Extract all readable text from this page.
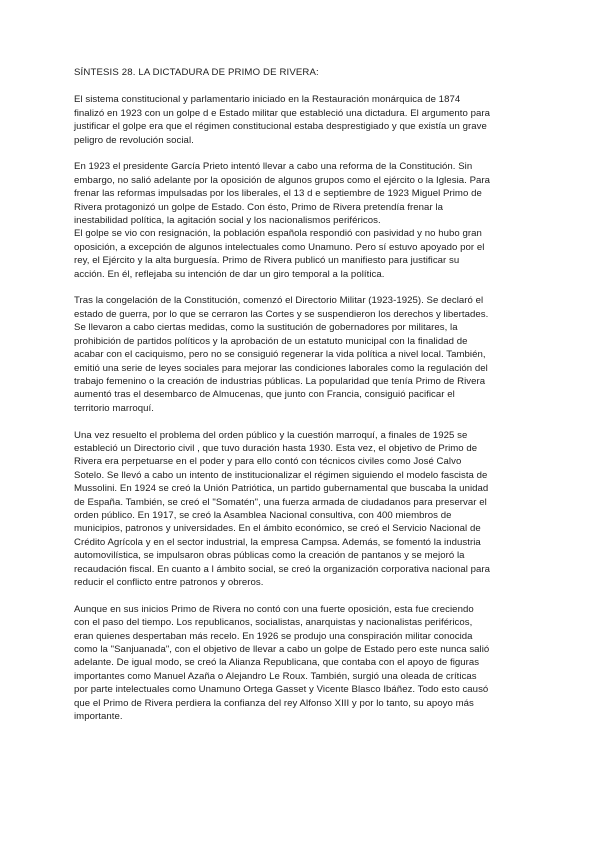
SÍNTESIS 28. LA DICTADURA DE PRIMO DE RIVERA:
El sistema constitucional y parlamentario iniciado en la Restauración monárquica de 1874
finalizó en 1923 con un golpe d e Estado militar que estableció una dictadura. El argumento para
justificar el golpe era que el régimen constitucional estaba desprestigiado y que existía un grave
peligro de revolución social.
En 1923 el presidente García Prieto intentó llevar a cabo una reforma de la Constitución. Sin
embargo, no salió adelante por la oposición de algunos grupos como el ejército o la Iglesia. Para
frenar las reformas impulsadas por los liberales, el 13 d e septiembre de 1923 Miguel Primo de
Rivera protagonizó un golpe de Estado. Con ésto, Primo de Rivera pretendía frenar la
inestabilidad política, la agitación social y los nacionalismos periféricos.
El golpe se vio con resignación, la población española respondió con pasividad y no hubo gran
oposición, a excepción de algunos intelectuales como Unamuno. Pero sí estuvo apoyado por el
rey, el Ejército y la alta burguesía. Primo de Rivera publicó un manifiesto para justificar su
acción. En él, reflejaba su intención de dar un giro temporal a la política.
Tras la congelación de la Constitución, comenzó el Directorio Militar (1923-1925). Se declaró el
estado de guerra, por lo que se cerraron las Cortes y se suspendieron los derechos y libertades.
Se llevaron a cabo ciertas medidas, como la sustitución de gobernadores por militares, la
prohibición de partidos políticos y la aprobación de un estatuto municipal con la finalidad de
acabar con el caciquismo, pero no se consiguió regenerar la vida política a nivel local. También,
emitió una serie de leyes sociales para mejorar las condiciones laborales como la regulación del
trabajo femenino o la creación de industrias públicas. La popularidad que tenía Primo de Rivera
aumentó tras el desembarco de Almucenas, que junto con Francia, consiguió pacificar el
territorio marroquí.
Una vez resuelto el problema del orden público y la cuestión marroquí, a finales de 1925 se
estableció un Directorio civil , que tuvo duración hasta 1930. Esta vez, el objetivo de Primo de
Rivera era perpetuarse en el poder y para ello contó con técnicos civiles como José Calvo
Sotelo. Se llevó a cabo un intento de institucionalizar el régimen siguiendo el modelo fascista de
Mussolini. En 1924 se creó la Unión Patriótica, un partido gubernamental que buscaba la unidad
de España. También, se creó el "Somatén", una fuerza armada de ciudadanos para preservar el
orden público. En 1917, se creó la Asamblea Nacional consultiva, con 400 miembros de
municipios, patronos y universidades. En el ámbito económico, se creó el Servicio Nacional de
Crédito Agrícola y en el sector industrial, la empresa Campsa. Además, se fomentó la industria
automovilística, se impulsaron obras públicas como la creación de pantanos y se mejoró la
recaudación fiscal. En cuanto a l ámbito social, se creó la organización corporativa nacional para
reducir el conflicto entre patronos y obreros.
Aunque en sus inicios Primo de Rivera no contó con una fuerte oposición, esta fue creciendo
con el paso del tiempo. Los republicanos, socialistas, anarquistas y nacionalistas periféricos,
eran quienes despertaban más recelo. En 1926 se produjo una conspiración militar conocida
como la "Sanjuanada", con el objetivo de llevar a cabo un golpe de Estado pero este nunca salió
adelante. De igual modo, se creó la Alianza Republicana, que contaba con el apoyo de figuras
importantes como Manuel Azaña o Alejandro Le Roux. También, surgió una oleada de críticas
por parte intelectuales como Unamuno Ortega Gasset y Vicente Blasco Ibáñez. Todo esto causó
que el Primo de Rivera perdiera la confianza del rey Alfonso XIII y por lo tanto, su apoyo más
importante.
